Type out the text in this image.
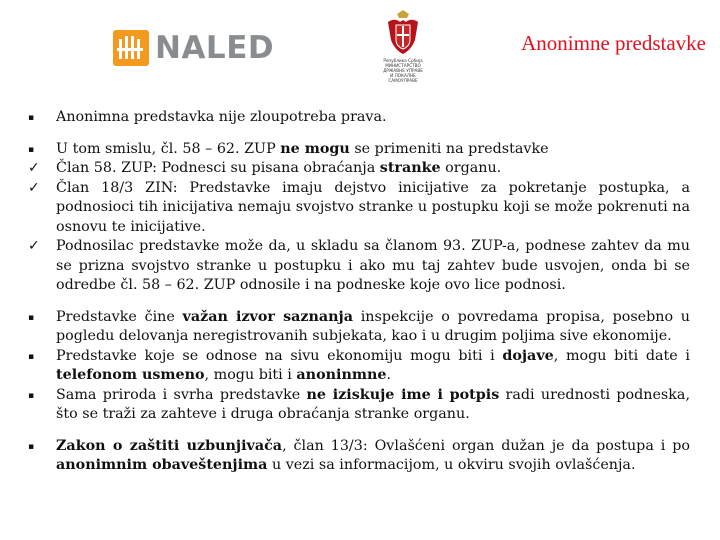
NALED	Република Србија
МИНИСТАРСТВО
ДРЖАВНЕ УПРАВЕ
И ЛОКАЛНЕ
САМОУПРАВЕ
Anonimne predstavke
▪	Anonimna predstavka nije zloupotreba prava.
▪	U tom smislu, čl. 58 – 62. ZUP ne mogu se primeniti na predstavke
✓	Član 58. ZUP: Podnesci su pisana obraćanja stranke organu.
✓	Član 18/3 ZIN: Predstavke imaju dejstvo inicijative za pokretanje postupka, a podnosioci tih inicijativa nemaju svojstvo stranke u postupku koji se može pokrenuti na osnovu te inicijative.
✓	Podnosilac predstavke može da, u skladu sa članom 93. ZUP-a, podnese zahtev da mu se prizna svojstvo stranke u postupku i ako mu taj zahtev bude usvojen, onda bi se odredbe čl. 58 – 62. ZUP odnosile i na podneske koje ovo lice podnosi.
▪	Predstavke čine važan izvor saznanja inspekcije o povredama propisa, posebno u pogledu delovanja neregistrovanih subjekata, kao i u drugim poljima sive ekonomije.
▪	Predstavke koje se odnose na sivu ekonomiju mogu biti i dojave, mogu biti date i telefonom usmeno, mogu biti i anoninmne.
▪	Sama priroda i svrha predstavke ne iziskuje ime i potpis radi urednosti podneska, što se traži za zahteve i druga obraćanja stranke organu.
▪	Zakon o zaštiti uzbunjivača, član 13/3: Ovlašćeni organ dužan je da postupa i po anonimnim obaveštenjima u vezi sa informacijom, u okviru svojih ovlašćenja.
